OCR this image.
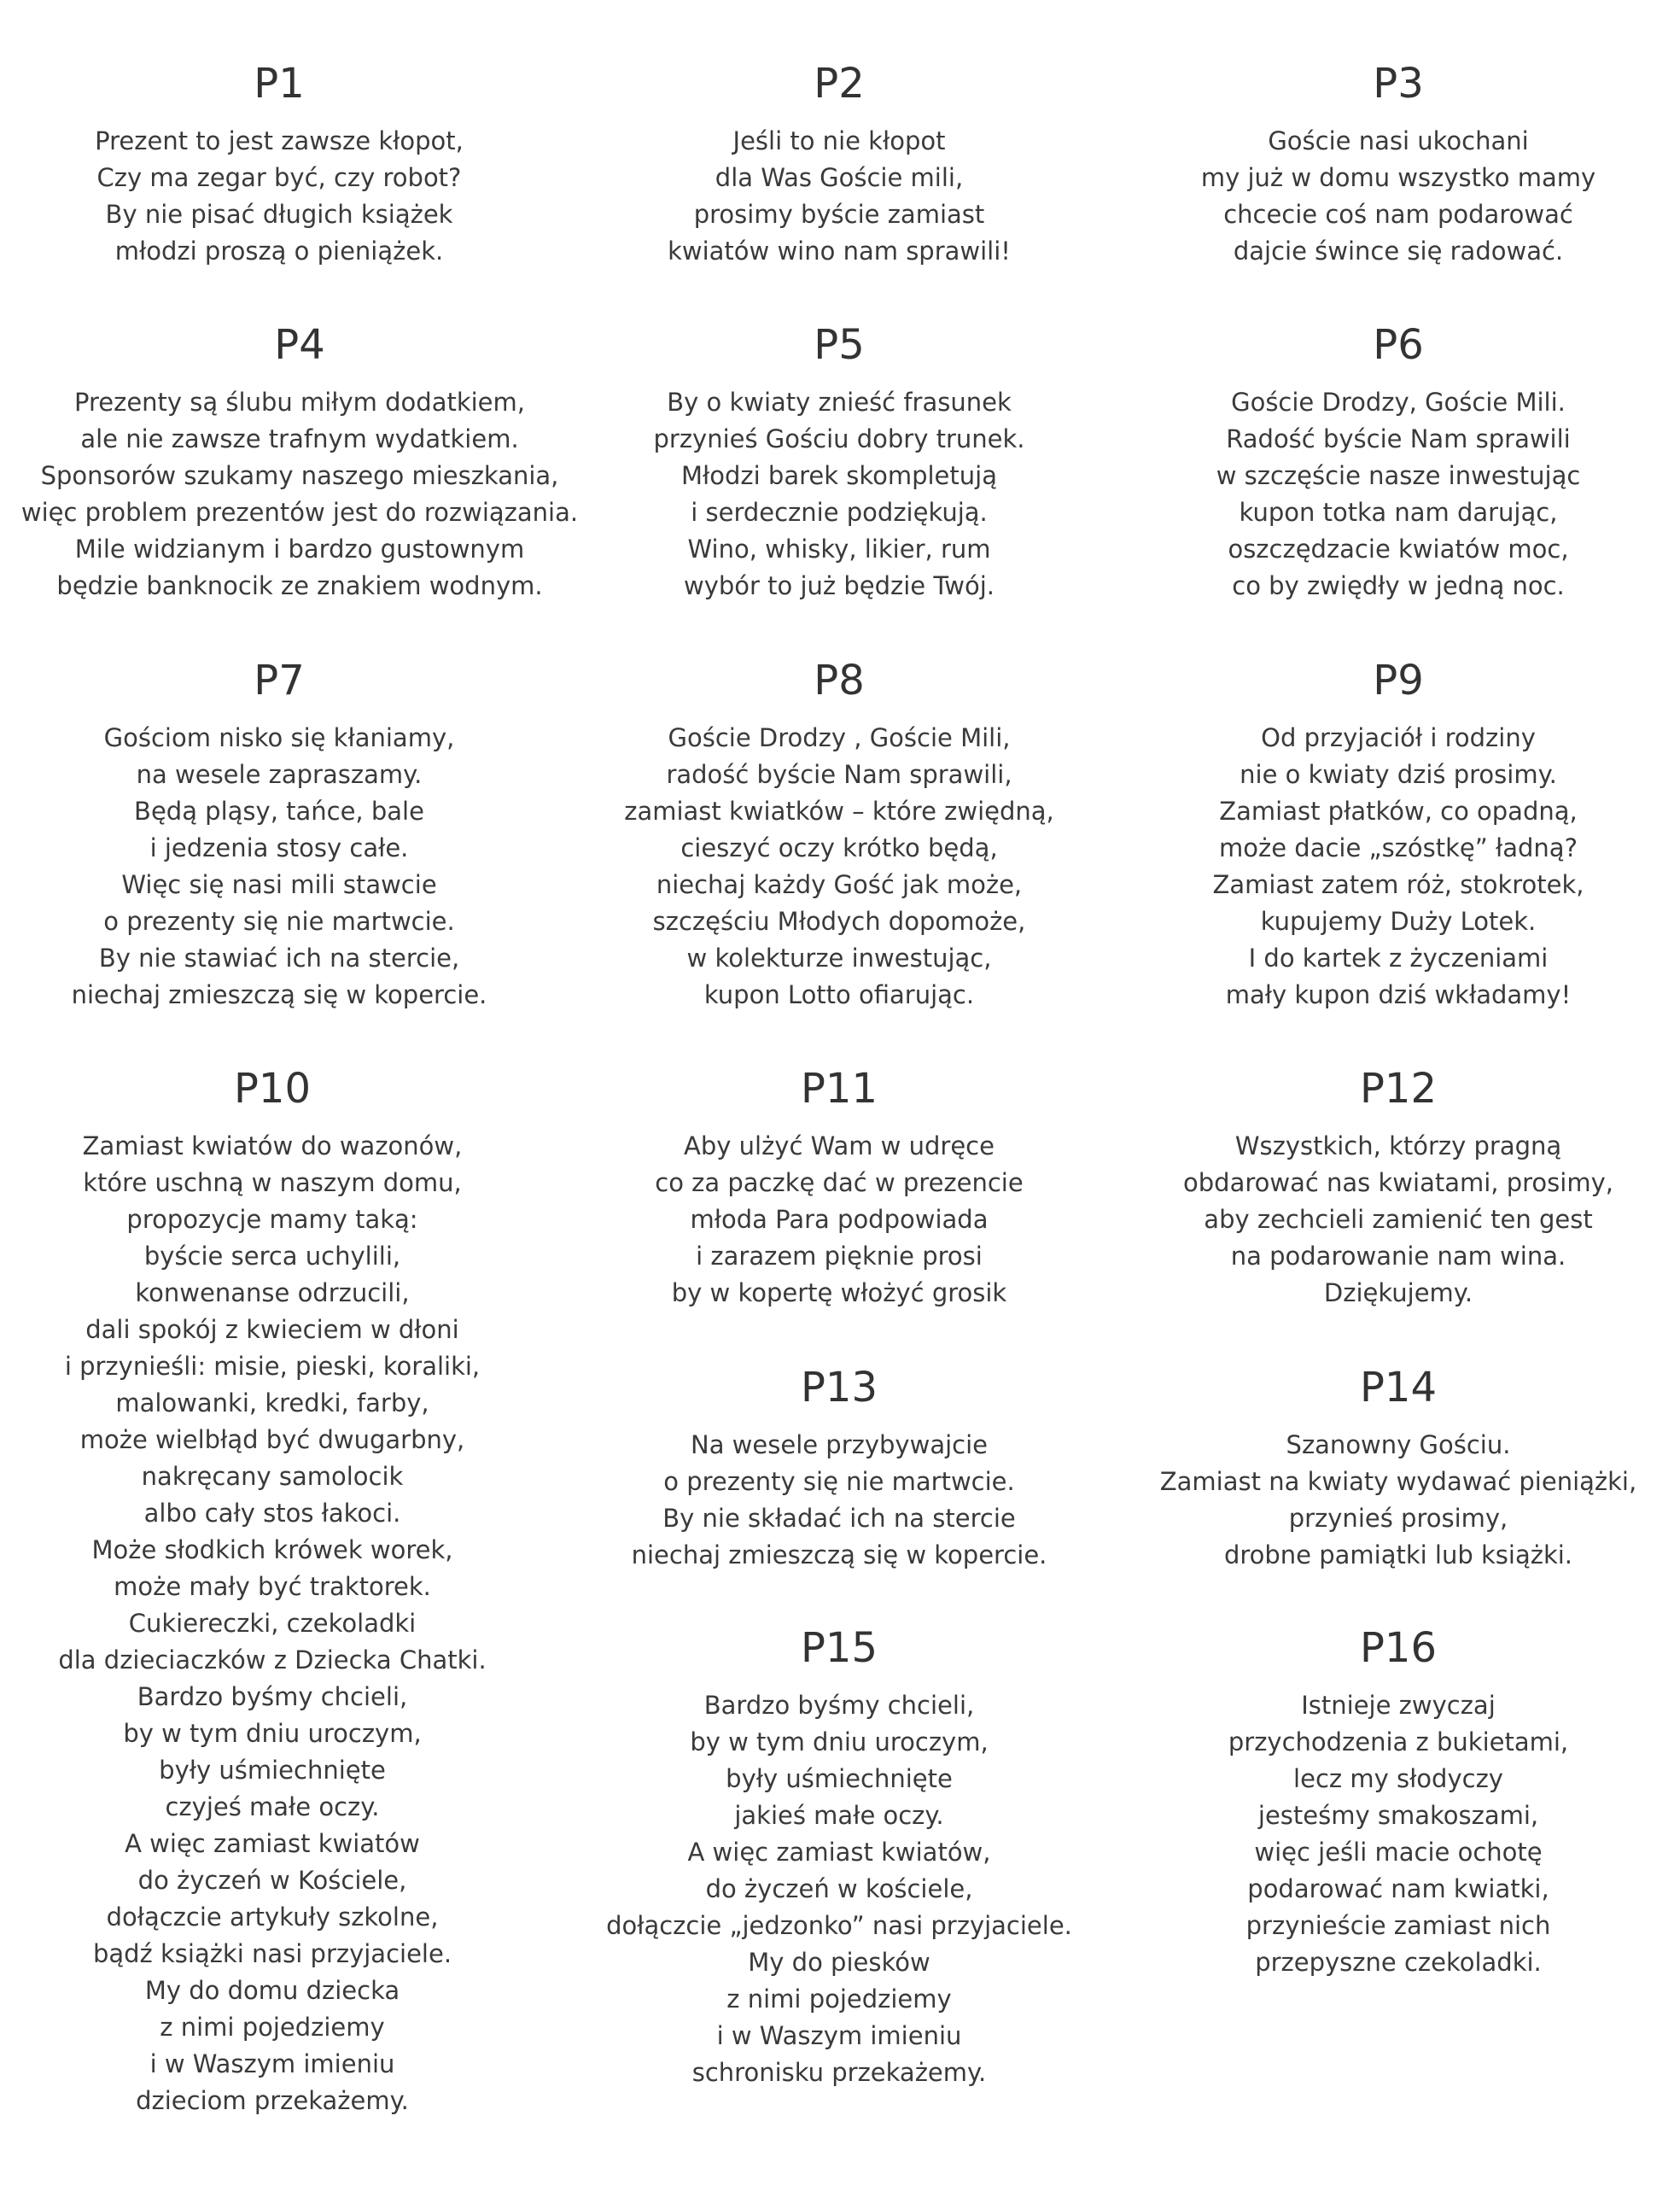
P1
Prezent to jest zawsze kłopot,
Czy ma zegar być, czy robot?
By nie pisać długich książek
młodzi proszą o pieniążek.
P2
Jeśli to nie kłopot
dla Was Goście mili,
prosimy byście zamiast
kwiatów wino nam sprawili!
P3
Goście nasi ukochani
my już w domu wszystko mamy
chcecie coś nam podarować
dajcie śwince się radować.
P4
Prezenty są ślubu miłym dodatkiem,
ale nie zawsze trafnym wydatkiem.
Sponsorów szukamy naszego mieszkania,
więc problem prezentów jest do rozwiązania.
Mile widzianym i bardzo gustownym
będzie banknocik ze znakiem wodnym.
P5
By o kwiaty znieść frasunek
przynieś Gościu dobry trunek.
Młodzi barek skompletują
i serdecznie podziękują.
Wino, whisky, likier, rum
wybór to już będzie Twój.
P6
Goście Drodzy, Goście Mili.
Radość byście Nam sprawili
w szczęście nasze inwestując
kupon totka nam darując,
oszczędzacie kwiatów moc,
co by zwiędły w jedną noc.
P7
Gościom nisko się kłaniamy,
na wesele zapraszamy.
Będą pląsy, tańce, bale
i jedzenia stosy całe.
Więc się nasi mili stawcie
o prezenty się nie martwcie.
By nie stawiać ich na stercie,
niechaj zmieszczą się w kopercie.
P8
Goście Drodzy , Goście Mili,
radość byście Nam sprawili,
zamiast kwiatków – które zwiędną,
cieszyć oczy krótko będą,
niechaj każdy Gość jak może,
szczęściu Młodych dopomoże,
w kolekturze inwestując,
kupon Lotto ofiarując.
P9
Od przyjaciół i rodziny
nie o kwiaty dziś prosimy.
Zamiast płatków, co opadną,
może dacie „szóstkę” ładną?
Zamiast zatem róż, stokrotek,
kupujemy Duży Lotek.
I do kartek z życzeniami
mały kupon dziś wkładamy!
P10
Zamiast kwiatów do wazonów,
które uschną w naszym domu,
propozycje mamy taką:
byście serca uchylili,
konwenanse odrzucili,
dali spokój z kwieciem w dłoni
i przynieśli: misie, pieski, koraliki,
malowanki, kredki, farby,
może wielbłąd być dwugarbny,
nakręcany samolocik
albo cały stos łakoci.
Może słodkich krówek worek,
może mały być traktorek.
Cukiereczki, czekoladki
dla dzieciaczków z Dziecka Chatki.
Bardzo byśmy chcieli,
by w tym dniu uroczym,
były uśmiechnięte
czyjeś małe oczy.
A więc zamiast kwiatów
do życzeń w Kościele,
dołączcie artykuły szkolne,
bądź książki nasi przyjaciele.
My do domu dziecka
z nimi pojedziemy
i w Waszym imieniu
dzieciom przekażemy.
P11
Aby ulżyć Wam w udręce
co za paczkę dać w prezencie
młoda Para podpowiada
i zarazem pięknie prosi
by w kopertę włożyć grosik
P12
Wszystkich, którzy pragną
obdarować nas kwiatami, prosimy,
aby zechcieli zamienić ten gest
na podarowanie nam wina.
Dziękujemy.
P13
Na wesele przybywajcie
o prezenty się nie martwcie.
By nie składać ich na stercie
niechaj zmieszczą się w kopercie.
P14
Szanowny Gościu.
Zamiast na kwiaty wydawać pieniążki,
przynieś prosimy,
drobne pamiątki lub książki.
P15
Bardzo byśmy chcieli,
by w tym dniu uroczym,
były uśmiechnięte
jakieś małe oczy.
A więc zamiast kwiatów,
do życzeń w kościele,
dołączcie „jedzonko” nasi przyjaciele.
My do piesków
z nimi pojedziemy
i w Waszym imieniu
schronisku przekażemy.
P16
Istnieje zwyczaj
przychodzenia z bukietami,
lecz my słodyczy
jesteśmy smakoszami,
więc jeśli macie ochotę
podarować nam kwiatki,
przynieście zamiast nich
przepyszne czekoladki.
